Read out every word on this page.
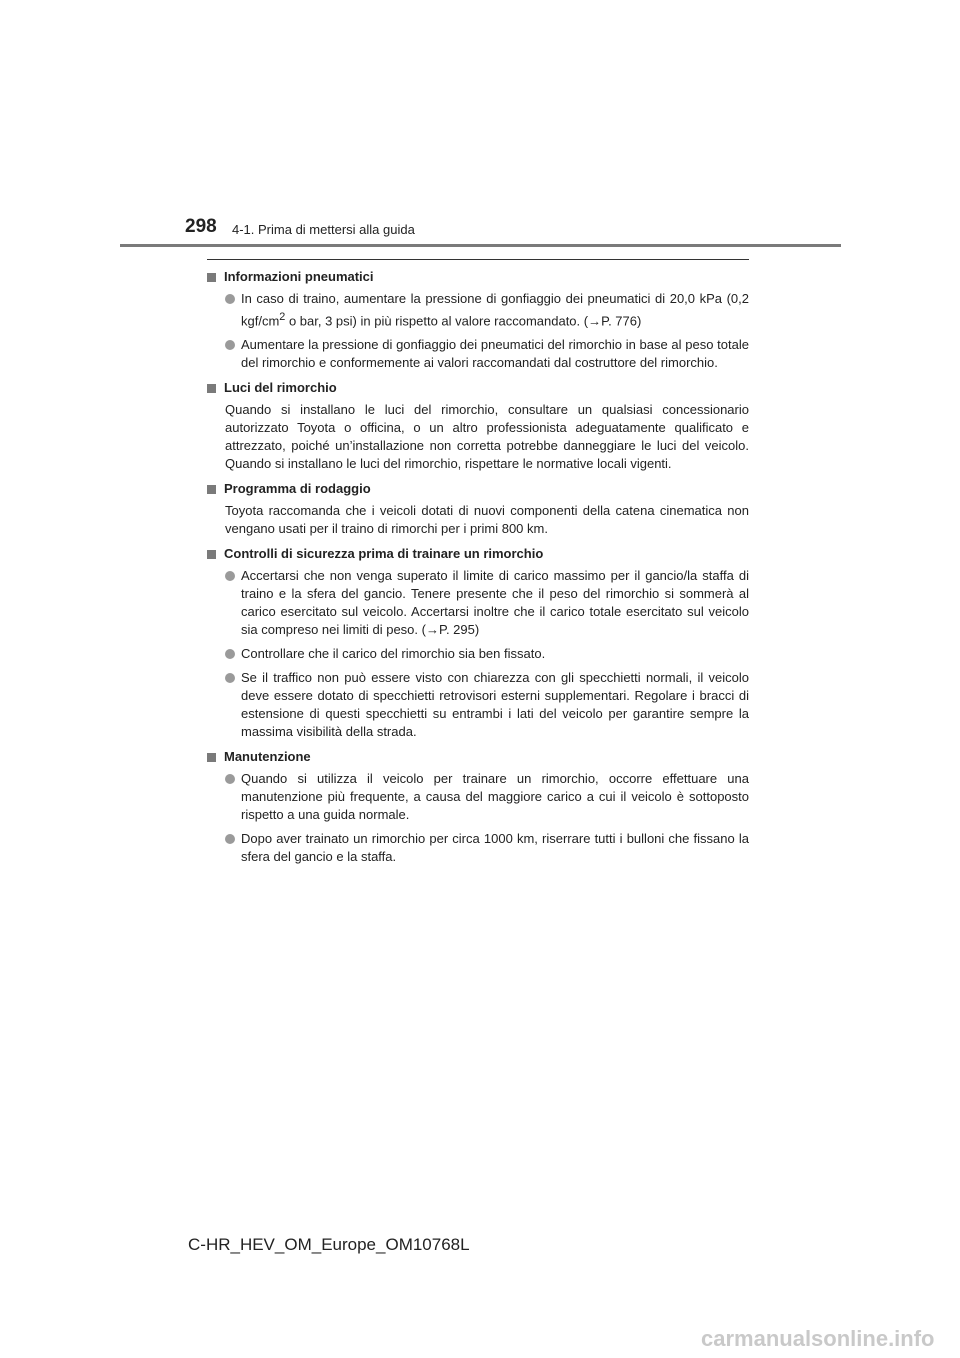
298 4-1. Prima di mettersi alla guida
Informazioni pneumatici
In caso di traino, aumentare la pressione di gonfiaggio dei pneumatici di 20,0 kPa (0,2 kgf/$cm^2$ o bar, 3 psi) in più rispetto al valore raccomandato. (→P. 776)
Aumentare la pressione di gonfiaggio dei pneumatici del rimorchio in base al peso totale del rimorchio e conformemente ai valori raccomandati dal costruttore del rimorchio.
Luci del rimorchio

Quando si installano le luci del rimorchio, consultare un qualsiasi concessionario autorizzato Toyota o officina, o un altro professionista adeguatamente qualificato e attrezzato, poiché un’installazione non corretta potrebbe danneggiare le luci del veicolo. Quando si installano le luci del rimorchio, rispettare le normative locali vigenti.

Programma di rodaggio

Toyota raccomanda che i veicoli dotati di nuovi componenti della catena cinematica non vengano usati per il traino di rimorchi per i primi 800 km.

Controlli di sicurezza prima di trainare un rimorchio
Accertarsi che non venga superato il limite di carico massimo per il gancio/la staffa di traino e la sfera del gancio. Tenere presente che il peso del rimorchio si sommerà al carico esercitato sul veicolo. Accertarsi inoltre che il carico totale esercitato sul veicolo sia compreso nei limiti di peso. (→P. 295)
Controllare che il carico del rimorchio sia ben fissato.
Se il traffico non può essere visto con chiarezza con gli specchietti normali, il veicolo deve essere dotato di specchietti retrovisori esterni supplementari. Regolare i bracci di estensione di questi specchietti su entrambi i lati del veicolo per garantire sempre la massima visibilità della strada.
Manutenzione
Quando si utilizza il veicolo per trainare un rimorchio, occorre effettuare una manutenzione più frequente, a causa del maggiore carico a cui il veicolo è sottoposto rispetto a una guida normale.
Dopo aver trainato un rimorchio per circa 1000 km, riserrare tutti i bulloni che fissano la sfera del gancio e la staffa.
C-HR_HEV_OM_Europe_OM10768L
carmanualsonline.info
